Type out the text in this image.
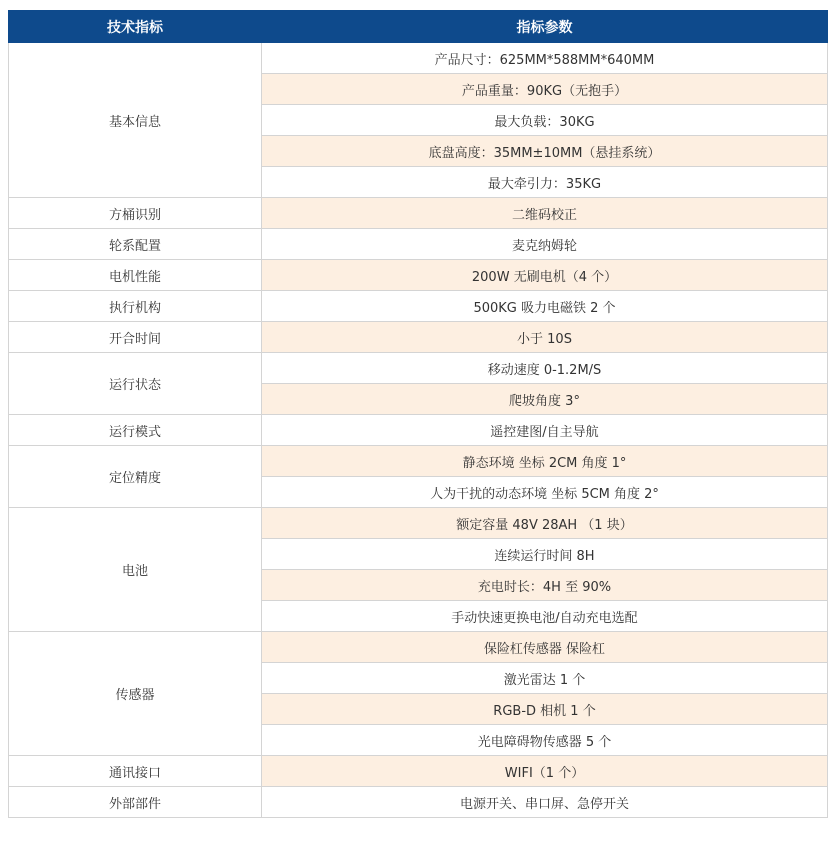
技术指标	指标参数
基本信息	产品尺寸：625MM*588MM*640MM
	产品重量：90KG（无抱手）
	最大负载：30KG
	底盘高度：35MM±10MM（悬挂系统）
	最大牵引力：35KG
方桶识别	二维码校正
轮系配置	麦克纳姆轮
电机性能	200W 无刷电机（4 个）
执行机构	500KG 吸力电磁铁 2 个
开合时间	小于 10S
运行状态	移动速度 0-1.2M/S
	爬坡角度 3°
运行模式	遥控建图/自主导航
定位精度	静态环境 坐标 2CM 角度 1°
	人为干扰的动态环境 坐标 5CM 角度 2°
电池	额定容量 48V 28AH （1 块）
	连续运行时间 8H
	充电时长：4H 至 90%
	手动快速更换电池/自动充电选配
传感器	保险杠传感器 保险杠
	激光雷达 1 个
	RGB-D 相机 1 个
	光电障碍物传感器 5 个
通讯接口	WIFI（1 个）
外部部件	电源开关、串口屏、急停开关
